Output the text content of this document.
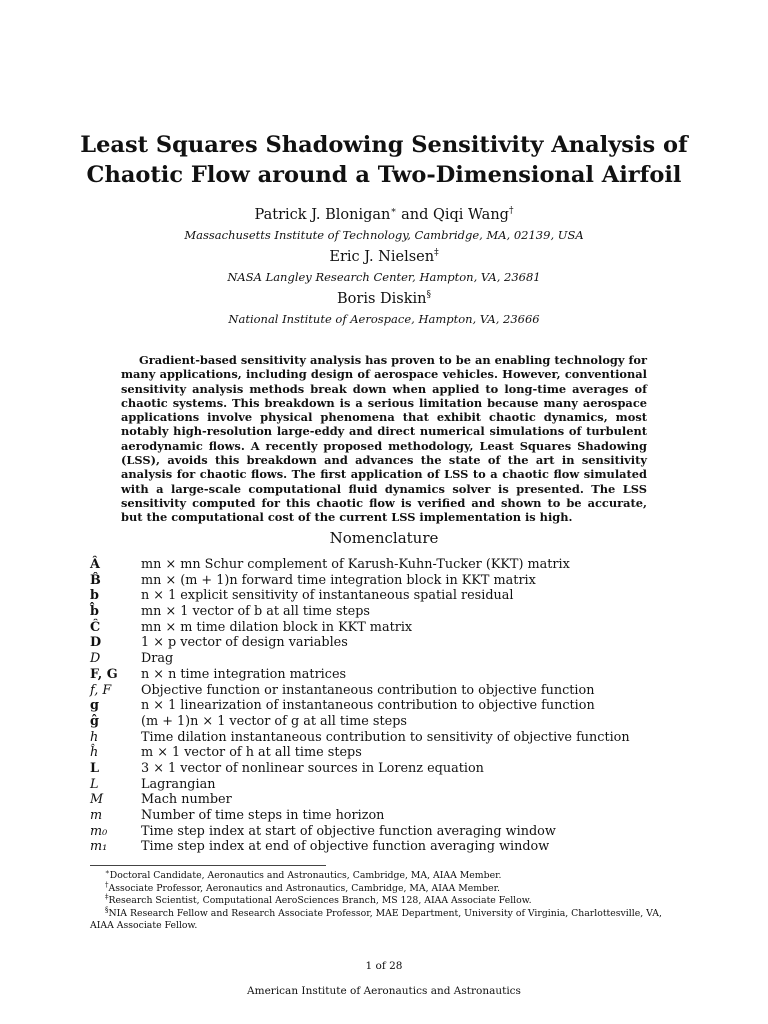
Least Squares Shadowing Sensitivity Analysis of
Chaotic Flow around a Two-Dimensional Airfoil
Patrick J. Blonigan∗ and Qiqi Wang†
Massachusetts Institute of Technology, Cambridge, MA, 02139, USA
Eric J. Nielsen‡
NASA Langley Research Center, Hampton, VA, 23681
Boris Diskin§
National Institute of Aerospace, Hampton, VA, 23666
Gradient-based sensitivity analysis has proven to be an enabling technology for many applications, including design of aerospace vehicles. However, conventional sensitivity analysis methods break down when applied to long-time averages of chaotic systems. This breakdown is a serious limitation because many aerospace applications involve physical phenomena that exhibit chaotic dynamics, most notably high-resolution large-eddy and direct numerical simulations of turbulent aerodynamic flows. A recently proposed methodology, Least Squares Shadowing (LSS), avoids this breakdown and advances the state of the art in sensitivity analysis for chaotic flows. The first application of LSS to a chaotic flow simulated with a large-scale computational fluid dynamics solver is presented. The LSS sensitivity computed for this chaotic flow is verified and shown to be accurate, but the computational cost of the current LSS implementation is high.
Nomenclature
Â	mn × mn Schur complement of Karush-Kuhn-Tucker (KKT) matrix
B̂	mn × (m + 1)n forward time integration block in KKT matrix
b	n × 1 explicit sensitivity of instantaneous spatial residual
b̂	mn × 1 vector of b at all time steps
Ĉ	mn × m time dilation block in KKT matrix
D	1 × p vector of design variables
D	Drag
F, G	n × n time integration matrices
f, F	Objective function or instantaneous contribution to objective function
g	n × 1 linearization of instantaneous contribution to objective function
ĝ	(m + 1)n × 1 vector of g at all time steps
h	Time dilation instantaneous contribution to sensitivity of objective function
ĥ	m × 1 vector of h at all time steps
L	3 × 1 vector of nonlinear sources in Lorenz equation
L	Lagrangian
M	Mach number
m	Number of time steps in time horizon
m₀	Time step index at start of objective function averaging window
m₁	Time step index at end of objective function averaging window
∗Doctoral Candidate, Aeronautics and Astronautics, Cambridge, MA, AIAA Member.
†Associate Professor, Aeronautics and Astronautics, Cambridge, MA, AIAA Member.
‡Research Scientist, Computational AeroSciences Branch, MS 128, AIAA Associate Fellow.
§NIA Research Fellow and Research Associate Professor, MAE Department, University of Virginia, Charlottesville, VA, AIAA Associate Fellow.
1 of 28
American Institute of Aeronautics and Astronautics
